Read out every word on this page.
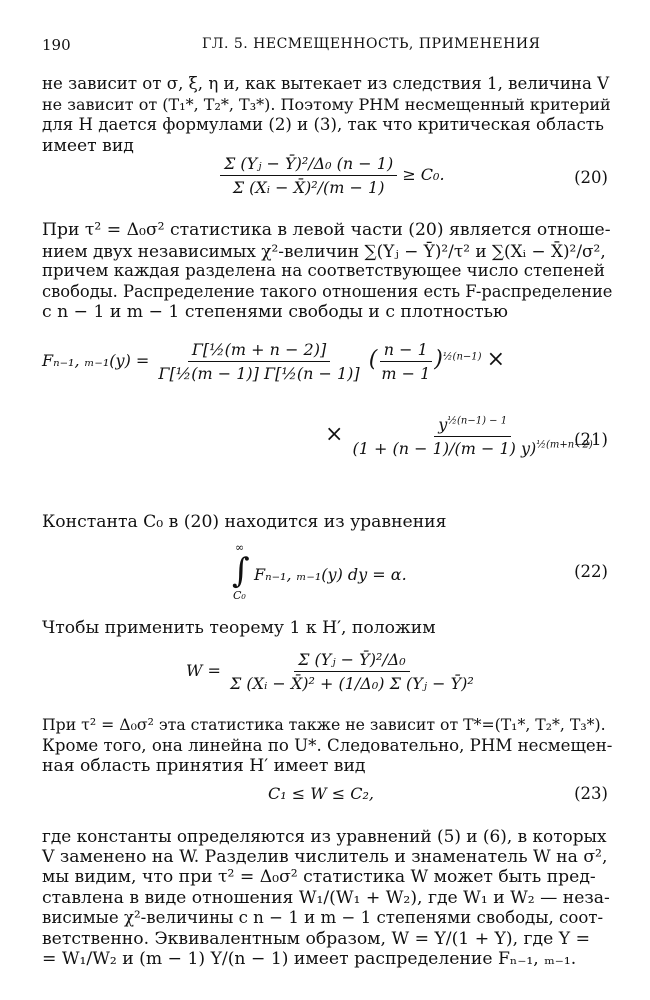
190	ГЛ. 5. НЕСМЕЩЕННОСТЬ, ПРИМЕНЕНИЯ
не зависит от σ, ξ, η и, как вытекает из следствия 1, величина V
не зависит от (T₁*, T₂*, T₃*). Поэтому РНМ несмещенный критерий
для H дается формулами (2) и (3), так что критическая область
имеет вид
$\frac{\text{Σ (Yⱼ − Ȳ)²/Δ₀ (n − 1)}}{\text{Σ (Xᵢ − X̄)²/(m − 1)}} \ge C_0$.	(20)
При τ² = Δ₀σ² статистика в левой части (20) является отноше-
нием двух независимых χ²-величин ∑(Yⱼ − Ȳ)²/τ² и ∑(Xᵢ − X̄)²/σ²,
причем каждая разделена на соответствующее число степеней
свободы. Распределение такого отношения есть F-распределение
с n − 1 и m − 1 степенями свободы и с плотностью
Fₙ₋₁, $_{m-1}(y) = \frac{\text{Γ[½(m + n − 2)]}}{\text{Γ[½(m − 1)] Γ[½(n − 1)]}}$ ( $\frac{n - 1}{m - 1} )^{\frac{1}{2}(n-1)}$ ×
× $\frac{y^{\frac{1}{2}(n-1) - 1}}{(1 + (n - 1)/(m - 1) y)^{\frac{1}{2}(m+n-2)}}$
(21)
Константа C₀ в (20) находится из уравнения
∞
∫
C₀
Fₙ₋₁, ₘ₋₁(y) dy = α.	(22)
Чтобы применить теорему 1 к H′, положим
$W = \frac{\text{Σ (Yⱼ − Ȳ)²/Δ₀}}{\text{Σ (Xᵢ − X̄)² + (1/Δ₀) Σ (Yⱼ − Ȳ)²}}$
При τ² = Δ₀σ² эта статистика также не зависит от T*=(T₁*, T₂*, T₃*).
Кроме того, она линейна по U*. Следовательно, РНМ несмещен-
ная область принятия H′ имеет вид
C₁ ≤ W ≤ C₂,	(23)
где константы определяются из уравнений (5) и (6), в которых
V заменено на W. Разделив числитель и знаменатель W на σ²,
мы видим, что при τ² = Δ₀σ² статистика W может быть пред-
ставлена в виде отношения W₁/(W₁ + W₂), где W₁ и W₂ — неза-
висимые χ²-величины с n − 1 и m − 1 степенями свободы, соот-
ветственно. Эквивалентным образом, W = Y/(1 + Y), где Y =
= W₁/W₂ и (m − 1) Y/(n − 1) имеет распределение Fₙ₋₁, ₘ₋₁.
